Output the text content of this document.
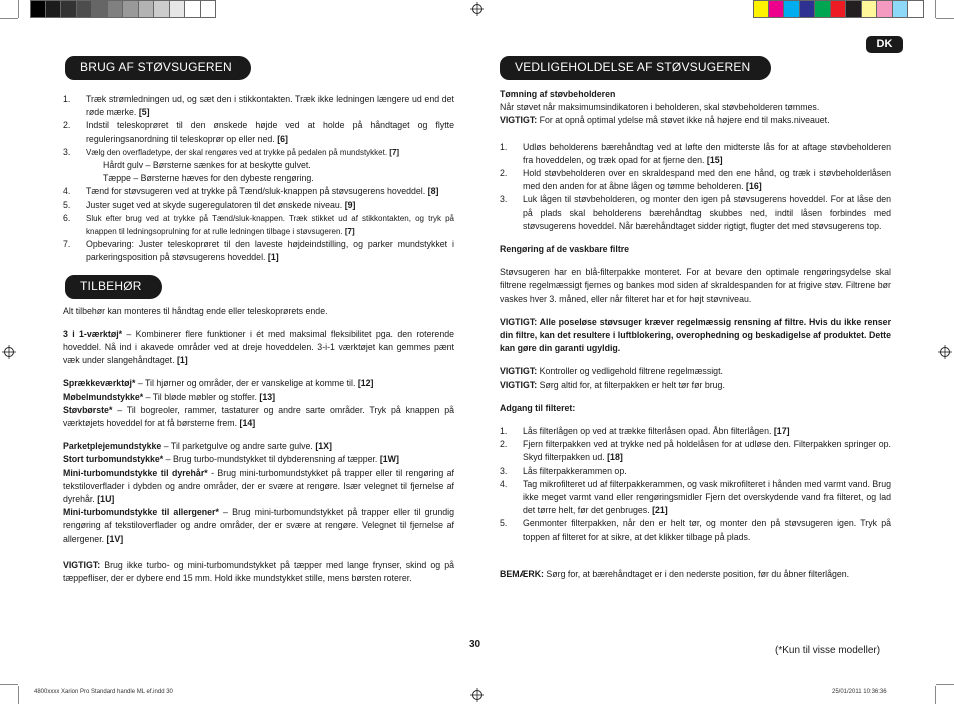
DK
BRUG AF STØVSUGEREN
1.	Træk strømledningen ud, og sæt den i stikkontakten. Træk ikke ledningen længere ud end det røde mærke. [5]
2.	Indstil teleskoprøret til den ønskede højde ved at holde på håndtaget og flytte reguleringsanordning til teleskoprør op eller ned. [6]
3.	Vælg den overfladetype, der skal rengøres ved at trykke på pedalen på mundstykket. [7]
Hårdt gulv – Børsterne sænkes for at beskytte gulvet.
Tæppe – Børsterne hæves for den dybeste rengøring.
4.	Tænd for støvsugeren ved at trykke på Tænd/sluk-knappen på støvsugerens hoveddel. [8]
5.	Juster suget ved at skyde sugeregulatoren til det ønskede niveau. [9]
6.	Sluk efter brug ved at trykke på Tænd/sluk-knappen. Træk stikket ud af stikkontakten, og tryk på knappen til ledningsoprulning for at rulle ledningen tilbage i støvsugeren. [7]
7.	Opbevaring: Juster teleskoprøret til den laveste højdeindstilling, og parker mundstykket i parkeringsposition på støvsugerens hoveddel. [1]
TILBEHØR

Alt tilbehør kan monteres til håndtag ende eller teleskoprørets ende.

3 i 1-værktøj* – Kombinerer flere funktioner i ét med maksimal fleksibilitet pga. den roterende hoveddel. Nå ind i akavede områder ved at dreje hoveddelen. 3-i-1 værktøjet kan gemmes pænt væk under slangehåndtaget. [1]

Sprækkeværktøj* – Til hjørner og områder, der er vanskelige at komme til. [12]

Møbelmundstykke* – Til bløde møbler og stoffer. [13]

Støvbørste* – Til bogreoler, rammer, tastaturer og andre sarte områder. Tryk på knappen på værktøjets hoveddel for at få børsterne frem. [14]

Parketplejemundstykke – Til parketgulve og andre sarte gulve. [1X]

Stort turbomundstykke* – Brug turbo-mundstykket til dybderensning af tæpper. [1W]

Mini-turbomundstykke til dyrehår* - Brug mini-turbomundstykket på trapper eller til rengøring af tekstiloverflader i dybden og andre områder, der er svære at rengøre. Især velegnet til fjernelse af dyrehår. [1U]

Mini-turbomundstykke til allergener* – Brug mini-turbomundstykket på trapper eller til grundig rengøring af tekstiloverflader og andre områder, der er svære at rengøre. Velegnet til fjernelse af allergener. [1V]

VIGTIGT: Brug ikke turbo- og mini-turbomundstykket på tæpper med lange frynser, skind og på tæppefliser, der er dybere end 15 mm. Hold ikke mundstykket stille, mens børsten roterer.

VEDLIGEHOLDELSE AF STØVSUGEREN

Tømning af støvbeholderen

Når støvet når maksimumsindikatoren i beholderen, skal støvbeholderen tømmes.

VIGTIGT: For at opnå optimal ydelse må støvet ikke nå højere end til maks.niveauet.

1.	Udløs beholderens bærehåndtag ved at løfte den midterste lås for at aftage støvbeholderen fra hoveddelen, og træk opad for at fjerne den. [15]
2.	Hold støvbeholderen over en skraldespand med den ene hånd, og træk i støvbeholderlåsen med den anden for at åbne lågen og tømme beholderen. [16]
3.	Luk lågen til støvbeholderen, og monter den igen på støvsugerens hoveddel. For at låse den på plads skal beholderens bærehåndtag skubbes ned, indtil låsen forbindes med støvsugerens hoveddel. Når bærehåndtaget sidder rigtigt, flugter det med støvsugerens top.

Rengøring af de vaskbare filtre

Støvsugeren har en blå-filterpakke monteret. For at bevare den optimale rengøringsydelse skal filtrene regelmæssigt fjernes og bankes mod siden af skraldespanden for at frigive støv. Filtrene bør vaskes hver 3. måned, eller når filteret har et for højt støvniveau.

VIGTIGT: Alle poseløse støvsuger kræver regelmæssig rensning af filtre. Hvis du ikke renser din filtre, kan det resultere i luftblokering, overophedning og beskadigelse af produktet. Dette kan gøre din garanti ugyldig.

VIGTIGT: Kontroller og vedligehold filtrene regelmæssigt.

VIGTIGT: Sørg altid for, at filterpakken er helt tør før brug.

Adgang til filteret:

1.	Lås filterlågen op ved at trække filterlåsen opad. Åbn filterlågen. [17]
2.	Fjern filterpakken ved at trykke ned på holdelåsen for at udløse den. Filterpakken springer op. Skyd filterpakken ud. [18]
3.	Lås filterpakkerammen op.
4.	Tag mikrofilteret ud af filterpakkerammen, og vask mikrofilteret i hånden med varmt vand. Brug ikke meget varmt vand eller rengøringsmidler Fjern det overskydende vand fra filteret, og lad det tørre helt, før det genbruges. [21]
5.	Genmonter filterpakken, når den er helt tør, og monter den på støvsugeren igen. Tryk på toppen af filteret for at sikre, at det klikker tilbage på plads.

BEMÆRK: Sørg for, at bærehåndtaget er i den nederste position, før du åbner filterlågen.

30
(*Kun til visse modeller)
4800xxxx Xarion Pro Standard handle ML ef.indd 30	25/01/2011 10:36:36
